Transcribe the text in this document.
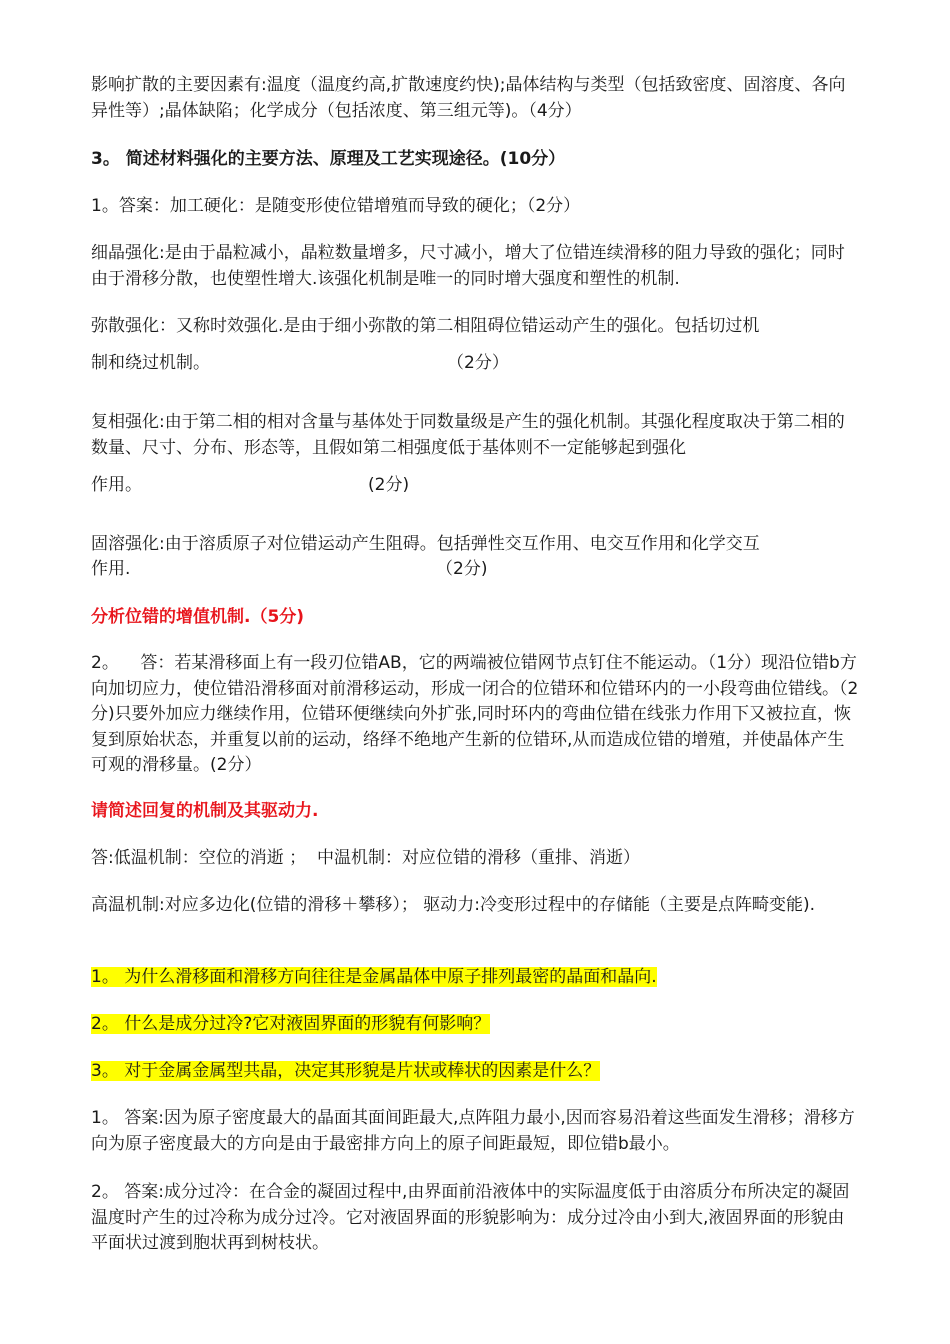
影响扩散的主要因素有:温度（温度约高,扩散速度约快);晶体结构与类型（包括致密度、固溶度、各向异性等）;晶体缺陷；化学成分（包括浓度、第三组元等)。（4分）

3。 简述材料强化的主要方法、原理及工艺实现途径。(10分）

1。答案：加工硬化：是随变形使位错增殖而导致的硬化；（2分）

细晶强化:是由于晶粒减小，晶粒数量增多，尺寸减小，增大了位错连续滑移的阻力导致的强化；同时由于滑移分散，也使塑性增大.该强化机制是唯一的同时增大强度和塑性的机制.

弥散强化：又称时效强化.是由于细小弥散的第二相阻碍位错运动产生的强化。包括切过机

制和绕过机制。	（2分）

复相强化:由于第二相的相对含量与基体处于同数量级是产生的强化机制。其强化程度取决于第二相的数量、尺寸、分布、形态等，且假如第二相强度低于基体则不一定能够起到强化

作用。	(2分)

固溶强化:由于溶质原子对位错运动产生阻碍。包括弹性交互作用、电交互作用和化学交互

作用.	（2分)

分析位错的增值机制.（5分)

2。    答：若某滑移面上有一段刃位错AB，它的两端被位错网节点钉住不能运动。（1分）现沿位错b方向加切应力，使位错沿滑移面对前滑移运动，形成一闭合的位错环和位错环内的一小段弯曲位错线。（2分)只要外加应力继续作用，位错环便继续向外扩张,同时环内的弯曲位错在线张力作用下又被拉直，恢复到原始状态，并重复以前的运动，络绎不绝地产生新的位错环,从而造成位错的增殖，并使晶体产生可观的滑移量。(2分）

请简述回复的机制及其驱动力.

答:低温机制：空位的消逝 ；  中温机制：对应位错的滑移（重排、消逝）

高温机制:对应多边化(位错的滑移＋攀移）； 驱动力:冷变形过程中的存储能（主要是点阵畸变能).

1。 为什么滑移面和滑移方向往往是金属晶体中原子排列最密的晶面和晶向.

2。 什么是成分过冷?它对液固界面的形貌有何影响？

3。 对于金属金属型共晶，决定其形貌是片状或棒状的因素是什么？

1。 答案:因为原子密度最大的晶面其面间距最大,点阵阻力最小,因而容易沿着这些面发生滑移；滑移方向为原子密度最大的方向是由于最密排方向上的原子间距最短，即位错b最小。

2。 答案:成分过冷：在合金的凝固过程中,由界面前沿液体中的实际温度低于由溶质分布所决定的凝固温度时产生的过冷称为成分过冷。它对液固界面的形貌影响为：成分过冷由小到大,液固界面的形貌由平面状过渡到胞状再到树枝状。
